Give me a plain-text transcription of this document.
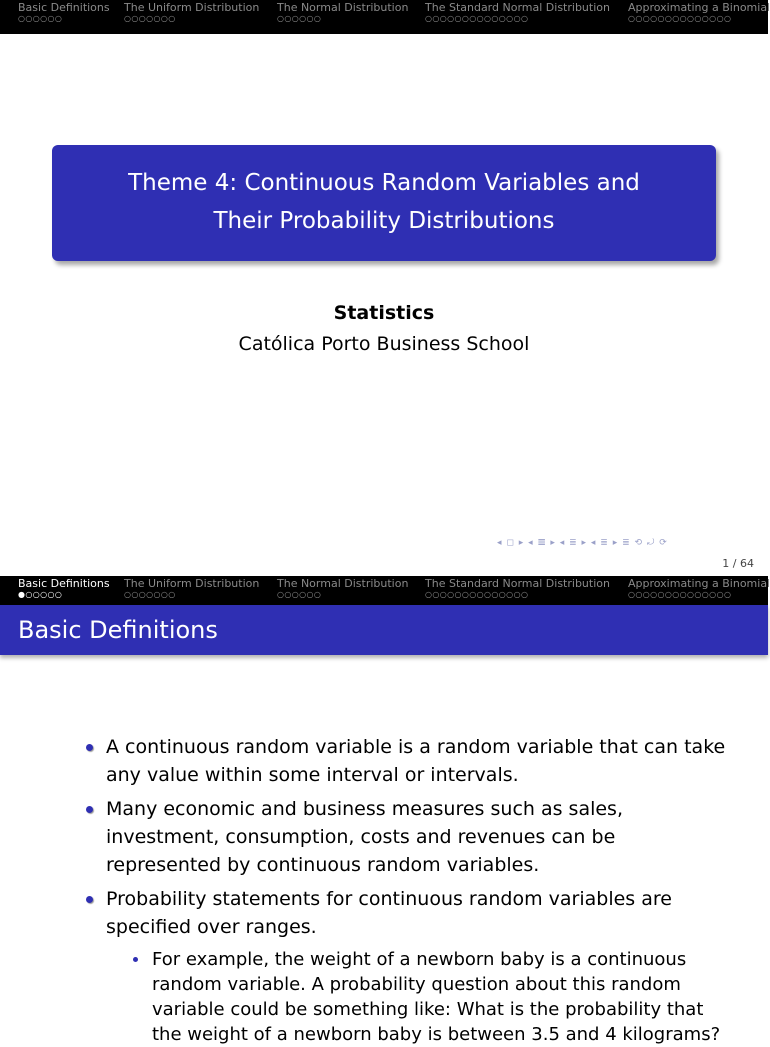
Basic Definitions
○○○○○○
The Uniform Distribution
○○○○○○○
The Normal Distribution
○○○○○○
The Standard Normal Distribution
○○○○○○○○○○○○○○
Approximating a Binomial
○○○○○○○○○○○○○○
Theme 4: Continuous Random Variables and
Their Probability Distributions
Statistics
Católica Porto Business School
◂ ◻ ▸ ◂ 𝌆 ▸ ◂ ≣ ▸ ◂ ≣ ▸ ≣ ⟲ ⤾ ⟳
1 / 64
Basic Definitions
●○○○○○
The Uniform Distribution
○○○○○○○
The Normal Distribution
○○○○○○
The Standard Normal Distribution
○○○○○○○○○○○○○○
Approximating a Binomial
○○○○○○○○○○○○○○
Basic Definitions
A continuous random variable is a random variable that can take any value within some interval or intervals.
Many economic and business measures such as sales, investment, consumption, costs and revenues can be represented by continuous random variables.
Probability statements for continuous random variables are specified over ranges.
For example, the weight of a newborn baby is a continuous random variable. A probability question about this random variable could be something like: What is the probability that the weight of a newborn baby is between 3.5 and 4 kilograms?
